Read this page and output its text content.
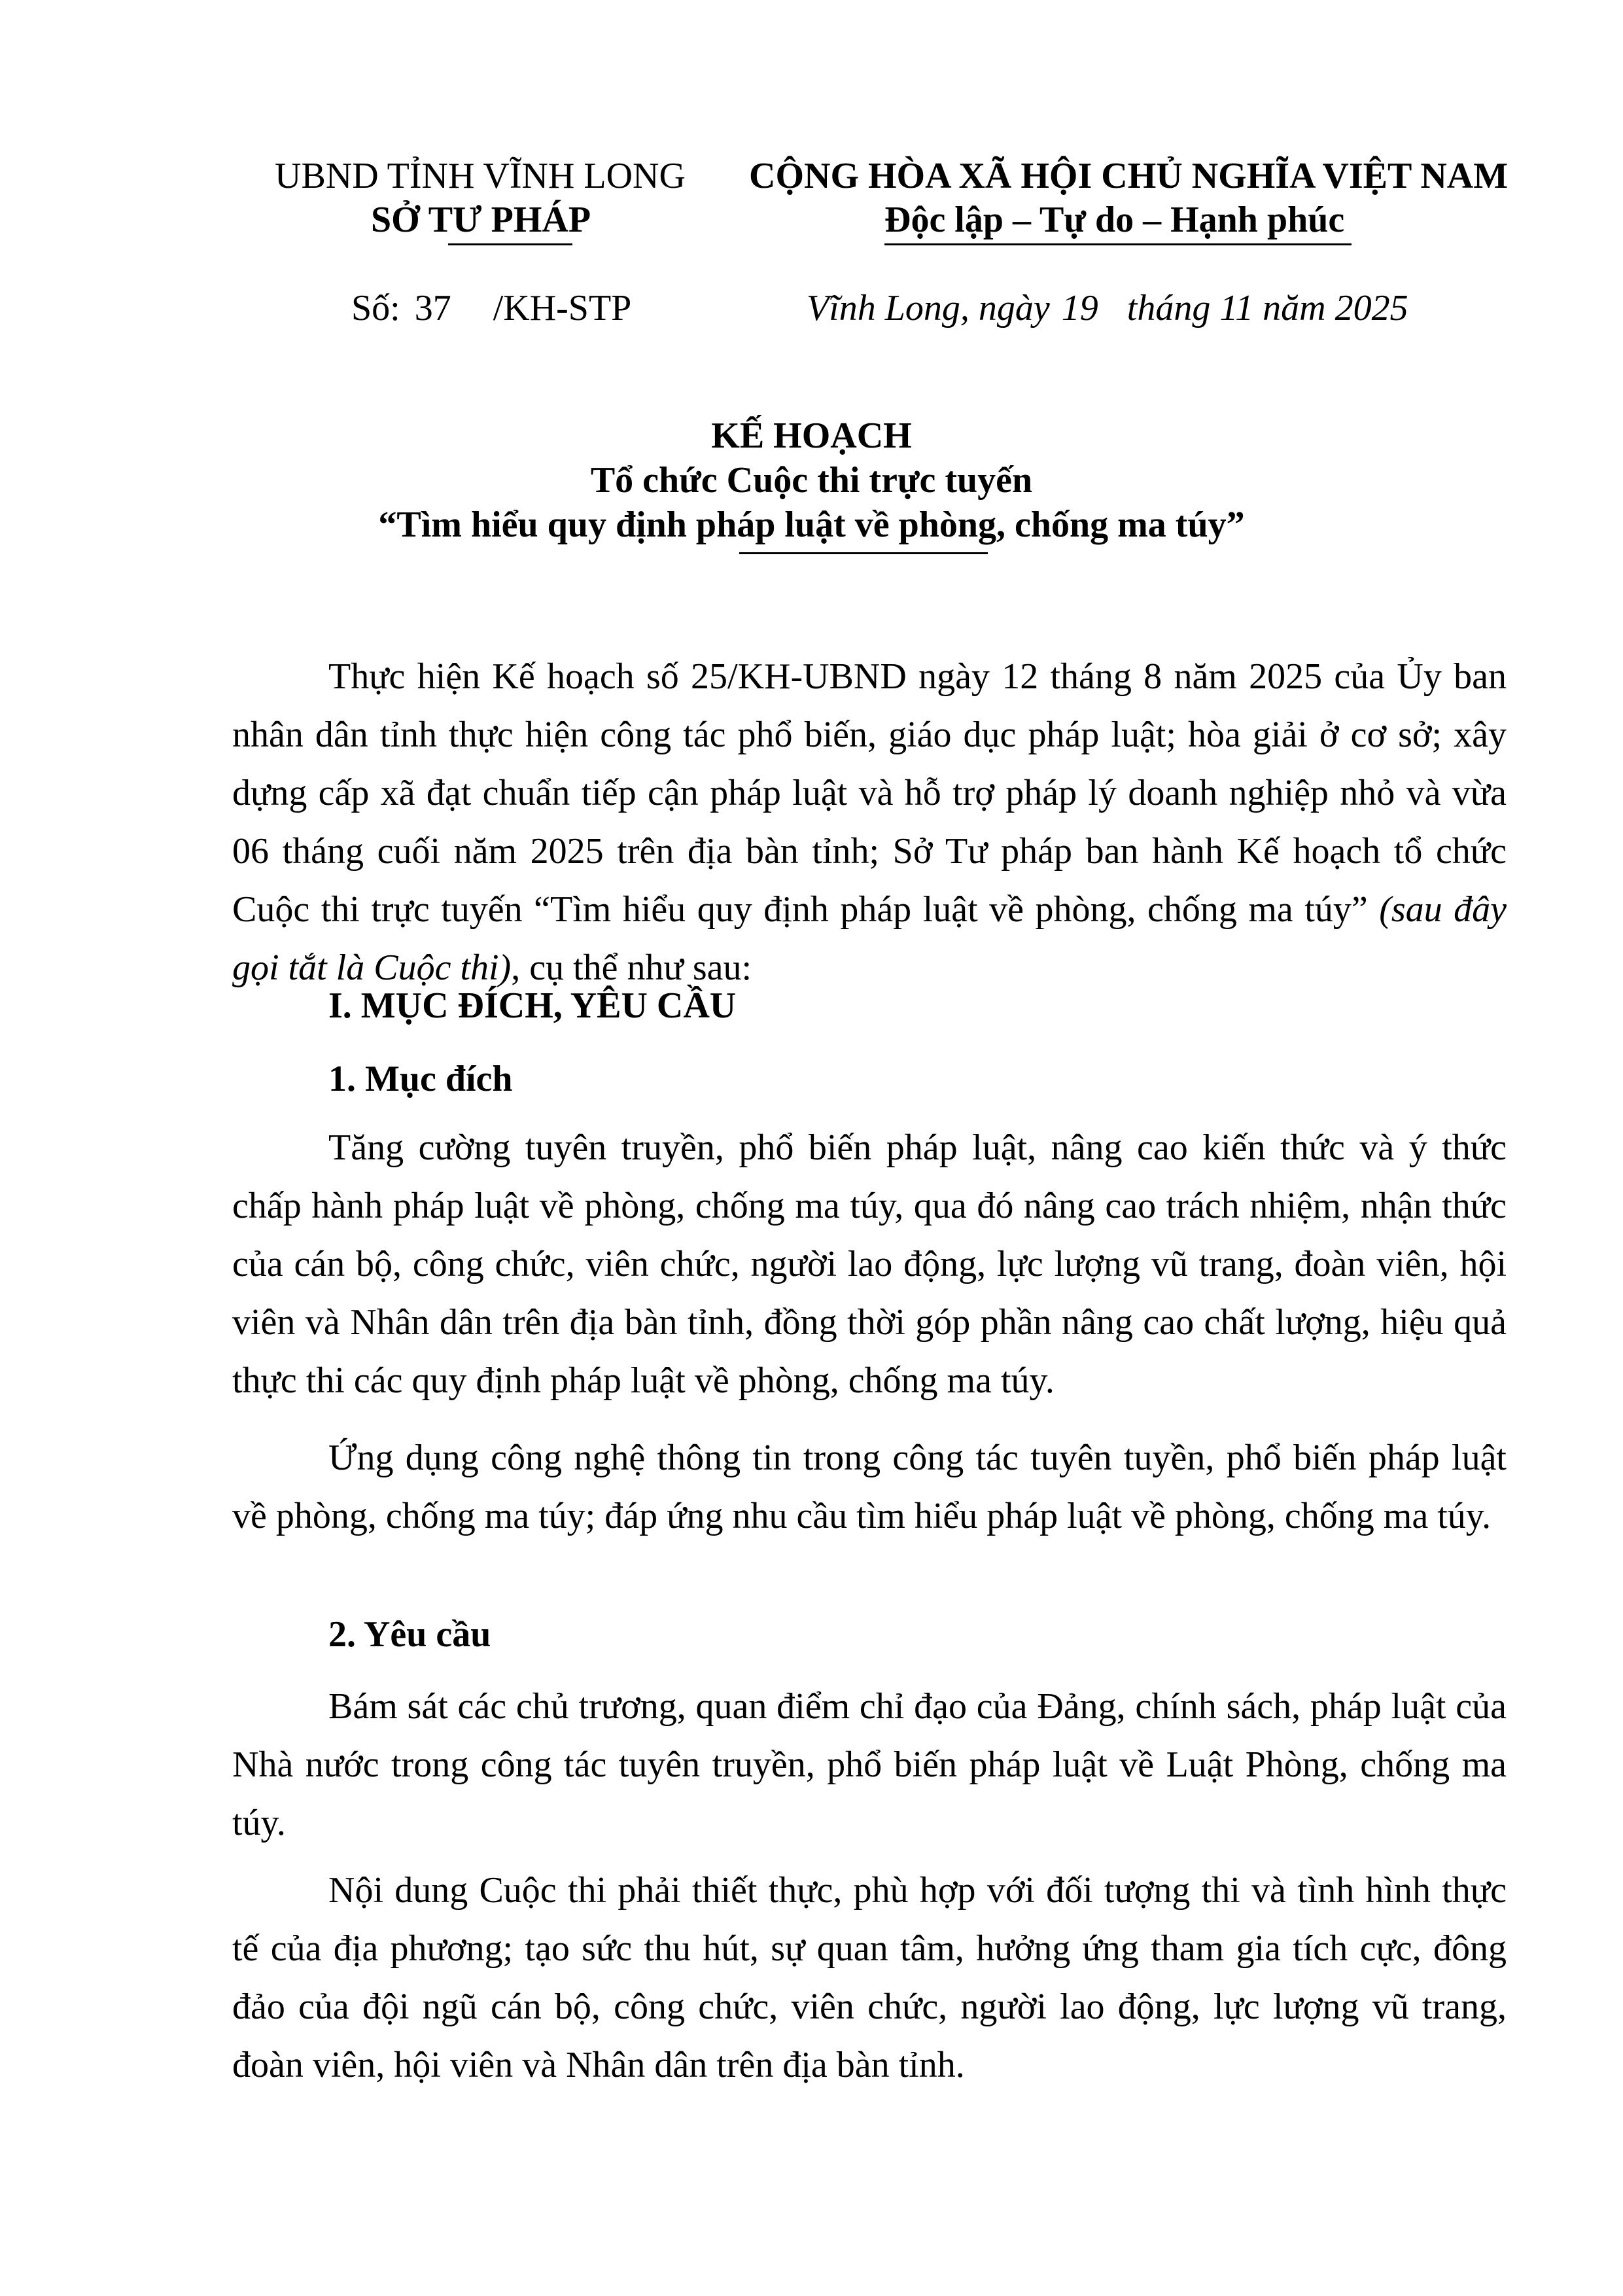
UBND TỈNH VĨNH LONG
SỞ TƯ PHÁP
Số: 37 /KH-STP
CỘNG HÒA XÃ HỘI CHỦ NGHĨA VIỆT NAM
Độc lập – Tự do – Hạnh phúc
Vĩnh Long, ngày 19 tháng 11 năm 2025
KẾ HOẠCH
Tổ chức Cuộc thi trực tuyến
“Tìm hiểu quy định pháp luật về phòng, chống ma túy”
Thực hiện Kế hoạch số 25/KH-UBND ngày 12 tháng 8 năm 2025 của Ủy ban nhân dân tỉnh thực hiện công tác phổ biến, giáo dục pháp luật; hòa giải ở cơ sở; xây dựng cấp xã đạt chuẩn tiếp cận pháp luật và hỗ trợ pháp lý doanh nghiệp nhỏ và vừa 06 tháng cuối năm 2025 trên địa bàn tỉnh; Sở Tư pháp ban hành Kế hoạch tổ chức Cuộc thi trực tuyến “Tìm hiểu quy định pháp luật về phòng, chống ma túy” (sau đây gọi tắt là Cuộc thi), cụ thể như sau:
I. MỤC ĐÍCH, YÊU CẦU
1. Mục đích
Tăng cường tuyên truyền, phổ biến pháp luật, nâng cao kiến thức và ý thức chấp hành pháp luật về phòng, chống ma túy, qua đó nâng cao trách nhiệm, nhận thức của cán bộ, công chức, viên chức, người lao động, lực lượng vũ trang, đoàn viên, hội viên và Nhân dân trên địa bàn tỉnh, đồng thời góp phần nâng cao chất lượng, hiệu quả thực thi các quy định pháp luật về phòng, chống ma túy.
Ứng dụng công nghệ thông tin trong công tác tuyên tuyền, phổ biến pháp luật về phòng, chống ma túy; đáp ứng nhu cầu tìm hiểu pháp luật về phòng, chống ma túy.
2. Yêu cầu
Bám sát các chủ trương, quan điểm chỉ đạo của Đảng, chính sách, pháp luật của Nhà nước trong công tác tuyên truyền, phổ biến pháp luật về Luật Phòng, chống ma túy.
Nội dung Cuộc thi phải thiết thực, phù hợp với đối tượng thi và tình hình thực tế của địa phương; tạo sức thu hút, sự quan tâm, hưởng ứng tham gia tích cực, đông đảo của đội ngũ cán bộ, công chức, viên chức, người lao động, lực lượng vũ trang, đoàn viên, hội viên và Nhân dân trên địa bàn tỉnh.
